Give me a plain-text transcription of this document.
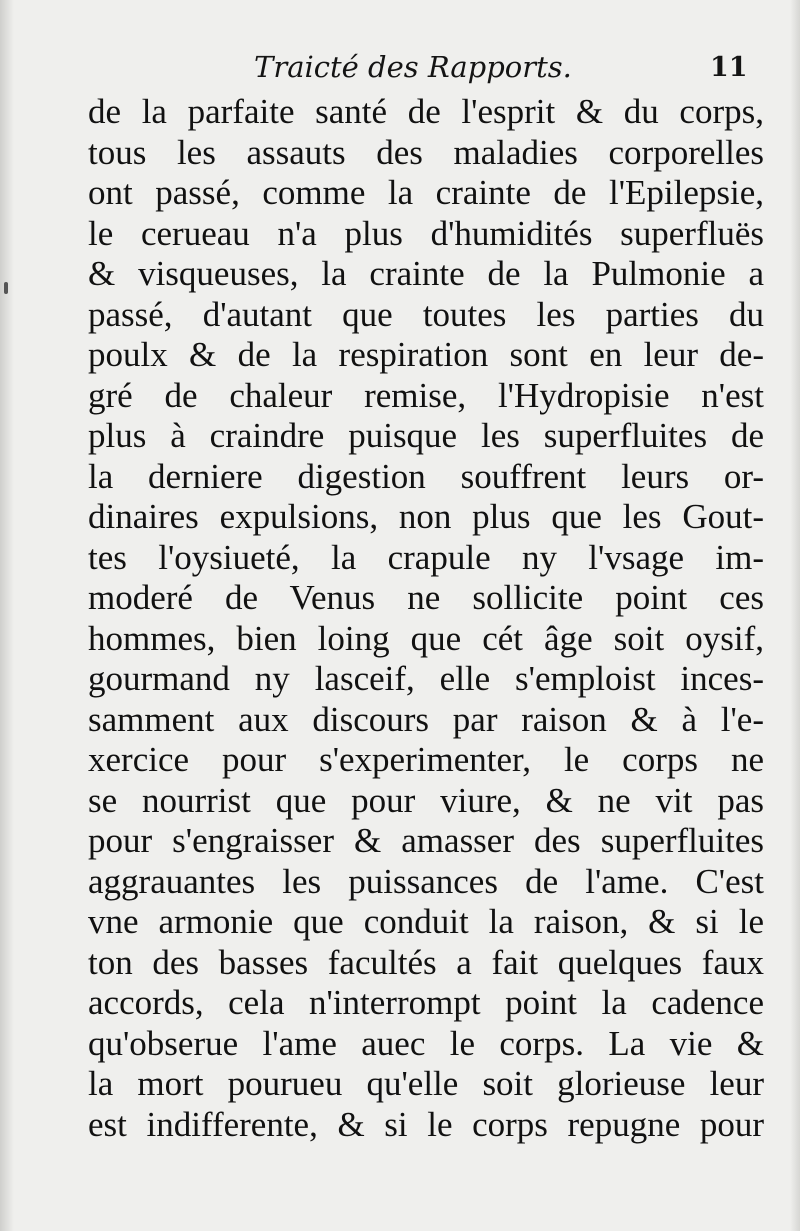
Traicté des Rapports.	11
de la parfaite santé de l'esprit & du corps,
tous les assauts des maladies corporelles
ont passé, comme la crainte de l'Epilepsie,
le cerueau n'a plus d'humidités superfluës
& visqueuses, la crainte de la Pulmonie a
passé, d'autant que toutes les parties du
poulx & de la respiration sont en leur de-
gré de chaleur remise, l'Hydropisie n'est
plus à craindre puisque les superfluites de
la derniere digestion souffrent leurs or-
dinaires expulsions, non plus que les Gout-
tes l'oysiueté, la crapule ny l'vsage im-
moderé de Venus ne sollicite point ces
hommes, bien loing que cét âge soit oysif,
gourmand ny lasceif, elle s'emploist inces-
samment aux discours par raison & à l'e-
xercice pour s'experimenter, le corps ne
se nourrist que pour viure, & ne vit pas
pour s'engraisser & amasser des superfluites
aggrauantes les puissances de l'ame. C'est
vne armonie que conduit la raison, & si le
ton des basses facultés a fait quelques faux
accords, cela n'interrompt point la cadence
qu'obserue l'ame auec le corps. La vie &
la mort pourueu qu'elle soit glorieuse leur
est indifferente, & si le corps repugne pour
